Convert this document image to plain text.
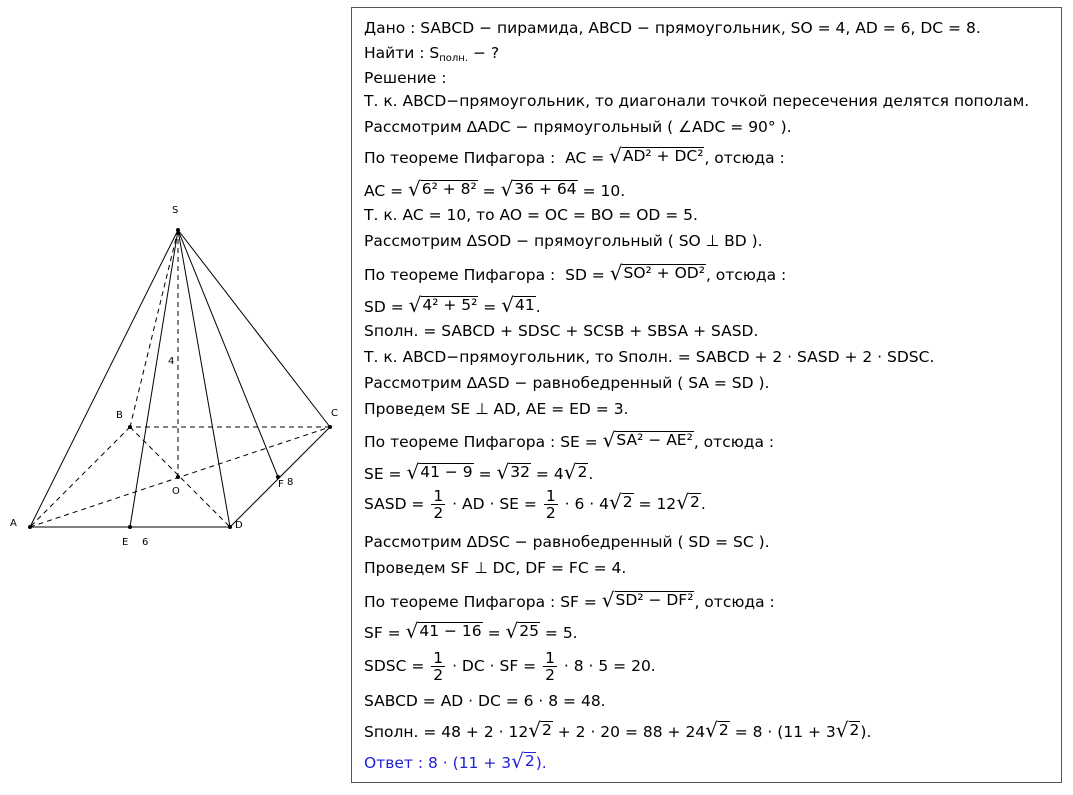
S
B	C
O
A	D
E
F
4
6
8
Дано : SABCD − пирамида, ABCD − прямоугольник, SO = 4, AD = 6, DC = 8.
Найти : $S_{полн.}$ − ?
Решение :
Т. к. ABCD−прямоугольник, то диагонали точкой пересечения делятся пополам.
Рассмотрим ΔADC − прямоугольный ( ∠ADC = 90° ).
По теореме Пифагора : AC = √ AD² + DC² , отсюда :
AC = √ 6² + 8² = √ 36 + 64 = 10.
Т. к. AC = 10, то AO = OC = BO = OD = 5.
Рассмотрим ΔSOD − прямоугольный ( SO ⊥ BD ).
По теореме Пифагора : SD = √ SO² + OD² , отсюда :
SD = √ 4² + 5² = √ 41 .
Sполн. = SABCD + SDSC + SCSB + SBSA + SASD.
Т. к. ABCD−прямоугольник, то Sполн. = SABCD + 2 · SASD + 2 · SDSC.
Рассмотрим ΔASD − равнобедренный ( SA = SD ).
Проведем SE ⊥ AD, AE = ED = 3.
По теореме Пифагора : SE = √ SA² − AE² , отсюда :
SE = √ 41 − 9 = √ 32 = 4 √ 2 .
SASD = $\frac{1}{2}$ · AD · SE = $\frac{1}{2} \cdot 6 \cdot 4$ √ 2 = 12 √ 2 .
Рассмотрим ΔDSC − равнобедренный ( SD = SC ).
Проведем SF ⊥ DC, DF = FC = 4.
По теореме Пифагора : SF = √ SD² − DF² , отсюда :
SF = √ 41 − 16 = √ 25 = 5.
SDSC = $\frac{1}{2}$ · DC · SF = $\frac{1}{2} \cdot 8 \cdot 5 = 20$.
SABCD = AD · DC = 6 · 8 = 48.
Sполн. = 48 + 2 · 12 √ 2 + 2 · 20 = 88 + 24 √ 2 = 8 · (11 + 3 √ 2 ).
Ответ : 8 · (11 + 3 √ 2 ).
